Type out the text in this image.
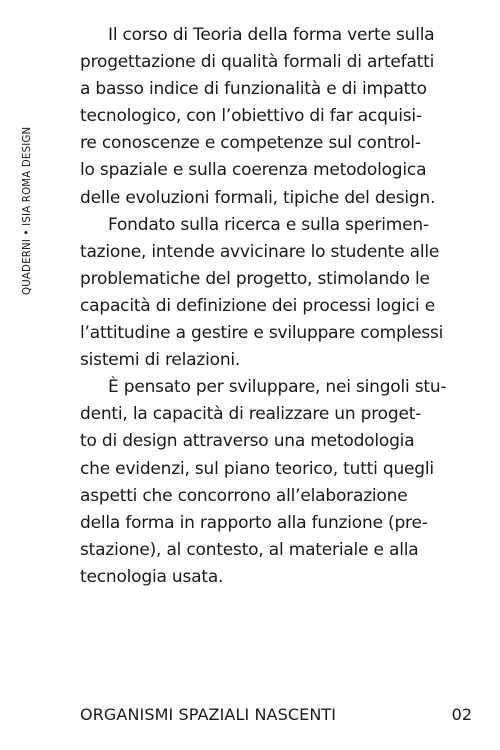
QUADERNI • ISIA ROMA DESIGN
Il corso di Teoria della forma verte sulla
progettazione di qualità formali di artefatti
a basso indice di funzionalità e di impatto
tecnologico, con l’obiettivo di far acquisi-
re conoscenze e competenze sul control-
lo spaziale e sulla coerenza metodologica
delle evoluzioni formali, tipiche del design.
Fondato sulla ricerca e sulla sperimen-
tazione, intende avvicinare lo studente alle
problematiche del progetto, stimolando le
capacità di definizione dei processi logici e
l’attitudine a gestire e sviluppare complessi
sistemi di relazioni.
È pensato per sviluppare, nei singoli stu-
denti, la capacità di realizzare un proget-
to di design attraverso una metodologia
che evidenzi, sul piano teorico, tutti quegli
aspetti che concorrono all’elaborazione
della forma in rapporto alla funzione (pre-
stazione), al contesto, al materiale e alla
tecnologia usata.
ORGANISMI SPAZIALI NASCENTI	02
